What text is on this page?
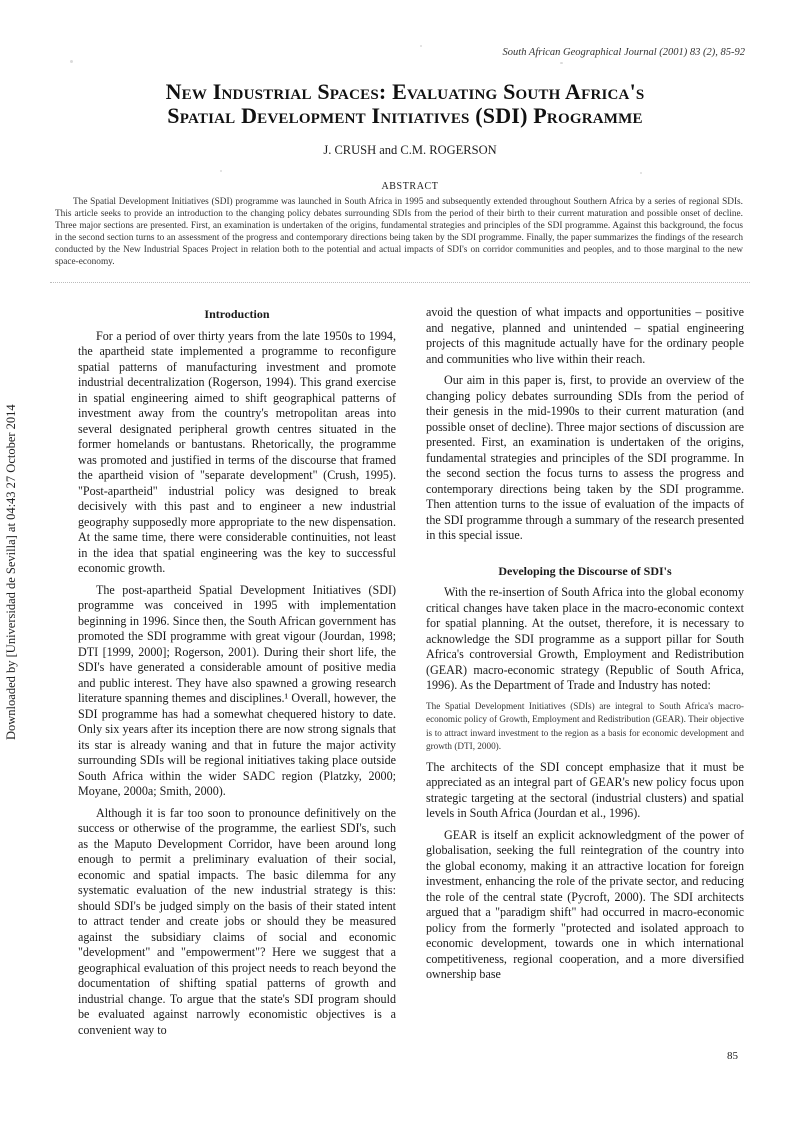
South African Geographical Journal (2001) 83 (2), 85-92
Downloaded by [Universidad de Sevilla] at 04:43 27 October 2014
New Industrial Spaces: Evaluating South Africa's
Spatial Development Initiatives (SDI) Programme
J. CRUSH and C.M. ROGERSON
ABSTRACT

The Spatial Development Initiatives (SDI) programme was launched in South Africa in 1995 and subsequently extended throughout Southern Africa by a series of regional SDIs. This article seeks to provide an introduction to the changing policy debates surrounding SDIs from the period of their birth to their current maturation and possible onset of decline. Three major sections are presented. First, an examination is undertaken of the origins, fundamental strategies and principles of the SDI programme. Against this background, the focus in the second section turns to an assessment of the progress and contemporary directions being taken by the SDI programme. Finally, the paper summarizes the findings of the research conducted by the New Industrial Spaces Project in relation both to the potential and actual impacts of SDI's on corridor communities and peoples, and to those marginal to the new space-economy.

Introduction

For a period of over thirty years from the late 1950s to 1994, the apartheid state implemented a programme to reconfigure spatial patterns of manufacturing investment and promote industrial decentralization (Rogerson, 1994). This grand exercise in spatial engineering aimed to shift geographical patterns of investment away from the country's metropolitan areas into several designated peripheral growth centres situated in the former homelands or bantustans. Rhetorically, the programme was promoted and justified in terms of the discourse that framed the apartheid vision of "separate development" (Crush, 1995). "Post-apartheid" industrial policy was designed to break decisively with this past and to engineer a new industrial geography supposedly more appropriate to the new dispensation. At the same time, there were considerable continuities, not least in the idea that spatial engineering was the key to successful economic growth.

The post-apartheid Spatial Development Initiatives (SDI) programme was conceived in 1995 with implementation beginning in 1996. Since then, the South African government has promoted the SDI programme with great vigour (Jourdan, 1998; DTI [1999, 2000]; Rogerson, 2001). During their short life, the SDI's have generated a considerable amount of positive media and public interest. They have also spawned a growing research literature spanning themes and disciplines.¹ Overall, however, the SDI programme has had a somewhat chequered history to date. Only six years after its inception there are now strong signals that its star is already waning and that in future the major activity surrounding SDIs will be regional initiatives taking place outside South Africa within the wider SADC region (Platzky, 2000; Moyane, 2000a; Smith, 2000).

Although it is far too soon to pronounce definitively on the success or otherwise of the programme, the earliest SDI's, such as the Maputo Development Corridor, have been around long enough to permit a preliminary evaluation of their social, economic and spatial impacts. The basic dilemma for any systematic evaluation of the new industrial strategy is this: should SDI's be judged simply on the basis of their stated intent to attract tender and create jobs or should they be measured against the subsidiary claims of social and economic "development" and "empowerment"? Here we suggest that a geographical evaluation of this project needs to reach beyond the documentation of shifting spatial patterns of growth and industrial change. To argue that the state's SDI program should be evaluated against narrowly economistic objectives is a convenient way to

avoid the question of what impacts and opportunities – positive and negative, planned and unintended – spatial engineering projects of this magnitude actually have for the ordinary people and communities who live within their reach.

Our aim in this paper is, first, to provide an overview of the changing policy debates surrounding SDIs from the period of their genesis in the mid-1990s to their current maturation (and possible onset of decline). Three major sections of discussion are presented. First, an examination is undertaken of the origins, fundamental strategies and principles of the SDI programme. In the second section the focus turns to assess the progress and contemporary directions being taken by the SDI programme. Then attention turns to the issue of evaluation of the impacts of the SDI programme through a summary of the research presented in this special issue.

Developing the Discourse of SDI's

With the re-insertion of South Africa into the global economy critical changes have taken place in the macro-economic context for spatial planning. At the outset, therefore, it is necessary to acknowledge the SDI programme as a support pillar for South Africa's controversial Growth, Employment and Redistribution (GEAR) macro-economic strategy (Republic of South Africa, 1996). As the Department of Trade and Industry has noted:

The Spatial Development Initiatives (SDIs) are integral to South Africa's macro-economic policy of Growth, Employment and Redistribution (GEAR). Their objective is to attract inward investment to the region as a basis for economic development and growth (DTI, 2000).

The architects of the SDI concept emphasize that it must be appreciated as an integral part of GEAR's new policy focus upon strategic targeting at the sectoral (industrial clusters) and spatial levels in South Africa (Jourdan et al., 1996).

GEAR is itself an explicit acknowledgment of the power of globalisation, seeking the full reintegration of the country into the global economy, making it an attractive location for foreign investment, enhancing the role of the private sector, and reducing the role of the central state (Pycroft, 2000). The SDI architects argued that a "paradigm shift" had occurred in macro-economic policy from the formerly "protected and isolated approach to economic development, towards one in which international competitiveness, regional cooperation, and a more diversified ownership base

85
